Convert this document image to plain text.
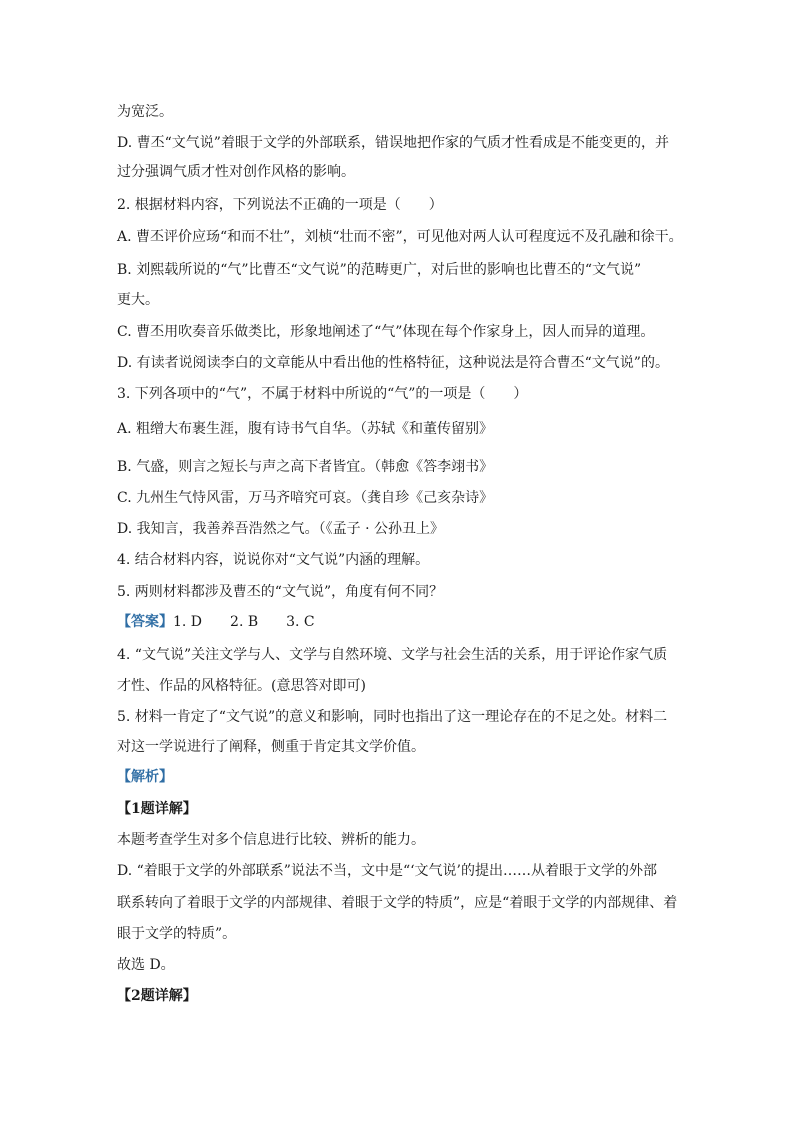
为宽泛。
D. 曹丕“文气说”着眼于文学的外部联系，错误地把作家的气质才性看成是不能变更的，并
过分强调气质才性对创作风格的影响。
2. 根据材料内容，下列说法不正确的一项是（　　）
A. 曹丕评价应玚“和而不壮”，刘桢“壮而不密”，可见他对两人认可程度远不及孔融和徐干。
B. 刘熙载所说的“气”比曹丕“文气说”的范畴更广，对后世的影响也比曹丕的“文气说”
更大。
C. 曹丕用吹奏音乐做类比，形象地阐述了“气”体现在每个作家身上，因人而异的道理。
D. 有读者说阅读李白的文章能从中看出他的性格特征，这种说法是符合曹丕“文气说”的。
3. 下列各项中的“气”，不属于材料中所说的“气”的一项是（　　）
A. 粗缯大布裹生涯，腹有诗书气自华。（苏轼《和董传留别》
B. 气盛，则言之短长与声之高下者皆宜。（韩愈《答李翊书》
C. 九州生气恃风雷，万马齐喑究可哀。（龚自珍《己亥杂诗》
D. 我知言，我善养吾浩然之气。（《孟子 · 公孙丑上》
4. 结合材料内容，说说你对“文气说”内涵的理解。
5. 两则材料都涉及曹丕的“文气说”，角度有何不同？
【答案】1. D　　2. B　　3. C
4. “文气说”关注文学与人、文学与自然环境、文学与社会生活的关系，用于评论作家气质
才性、作品的风格特征。(意思答对即可)
5. 材料一肯定了“文气说”的意义和影响，同时也指出了这一理论存在的不足之处。材料二
对这一学说进行了阐释，侧重于肯定其文学价值。
【解析】
【1题详解】
本题考查学生对多个信息进行比较、辨析的能力。
D. “着眼于文学的外部联系”说法不当，文中是“‘文气说’的提出……从着眼于文学的外部
联系转向了着眼于文学的内部规律、着眼于文学的特质”，应是“着眼于文学的内部规律、着
眼于文学的特质”。
故选 D。
【2题详解】
